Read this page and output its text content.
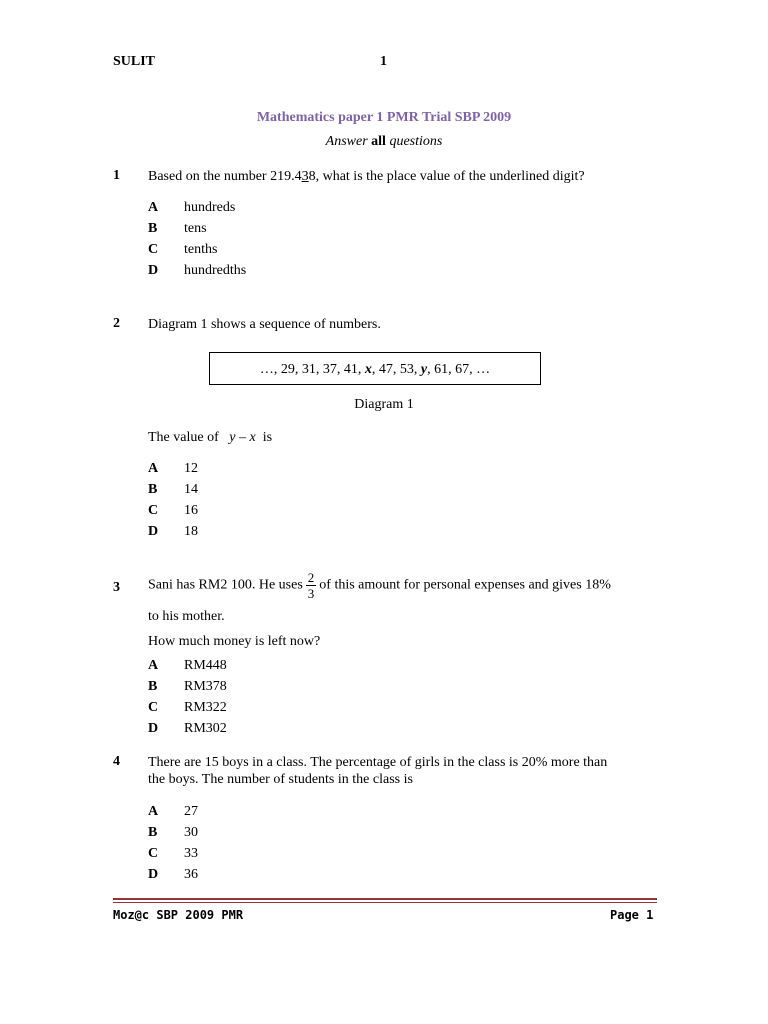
SULIT	1
Mathematics paper 1 PMR Trial SBP 2009
Answer all questions
1 Based on the number 219.438, what is the place value of the underlined digit?
A hundreds
B tens
C tenths
D hundredths
2 Diagram 1 shows a sequence of numbers.
…, 29, 31, 37, 41, x, 47, 53, y, 61, 67, …
Diagram 1
The value of y – x is
A 12
B 14
C 16
D 18
3 Sani has RM2 100. He uses $\frac{2}{3}$ of this amount for personal expenses and gives 18%
to his mother.
How much money is left now?
A RM448
B RM378
C RM322
D RM302
4 There are 15 boys in a class. The percentage of girls in the class is 20% more than
the boys. The number of students in the class is
A 27
B 30
C 33
D 36
Moz@c SBP 2009 PMR	Page 1
